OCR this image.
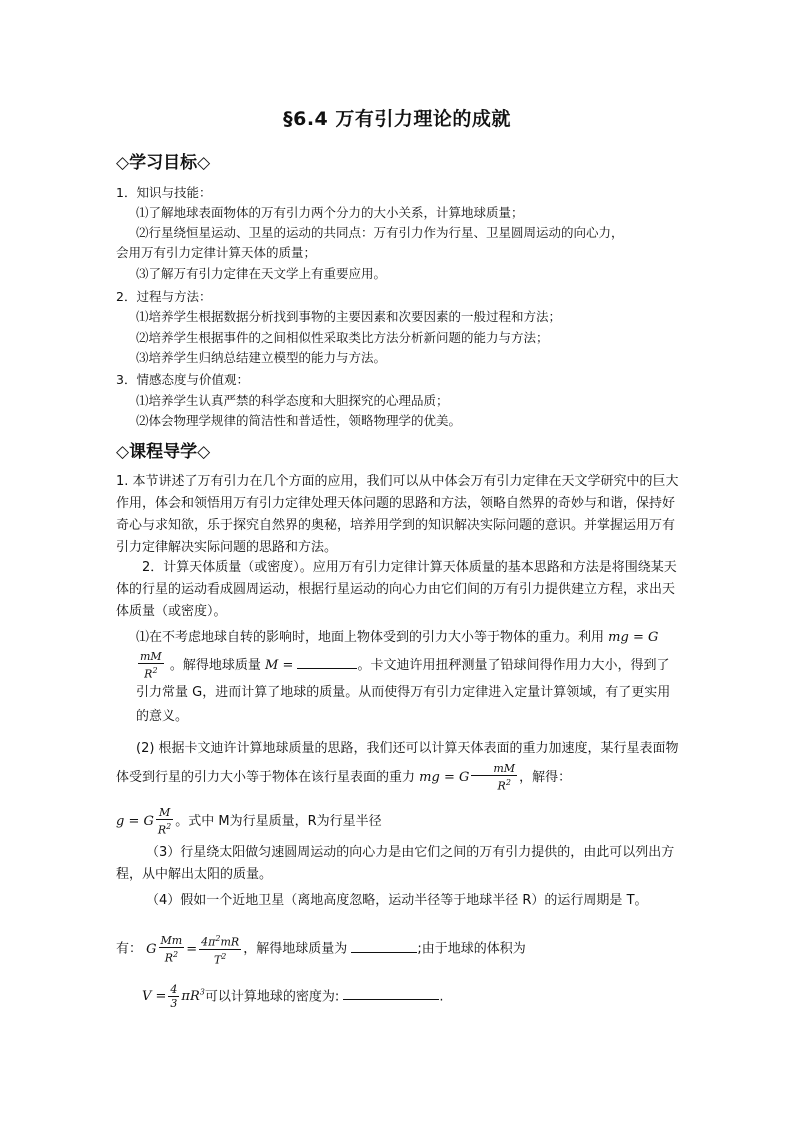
§6.4 万有引力理论的成就
◇学习目标◇
1．知识与技能：
⑴了解地球表面物体的万有引力两个分力的大小关系，计算地球质量；
⑵行星绕恒星运动、卫星的运动的共同点：万有引力作为行星、卫星圆周运动的向心力，
会用万有引力定律计算天体的质量；
⑶了解万有引力定律在天文学上有重要应用。
2．过程与方法：
⑴培养学生根据数据分析找到事物的主要因素和次要因素的一般过程和方法；
⑵培养学生根据事件的之间相似性采取类比方法分析新问题的能力与方法；
⑶培养学生归纳总结建立模型的能力与方法。
3．情感态度与价值观：
⑴培养学生认真严禁的科学态度和大胆探究的心理品质；
⑵体会物理学规律的简洁性和普适性，领略物理学的优美。
◇课程导学◇
1. 本节讲述了万有引力在几个方面的应用，我们可以从中体会万有引力定律在天文学研究中的巨大作用，体会和领悟用万有引力定律处理天体问题的思路和方法，领略自然界的奇妙与和谐，保持好奇心与求知欲，乐于探究自然界的奥秘，培养用学到的知识解决实际问题的意识。并掌握运用万有引力定律解决实际问题的思路和方法。
2．计算天体质量（或密度）。应用万有引力定律计算天体质量的基本思路和方法是将围绕某天体的行星的运动看成圆周运动，根据行星运动的向心力由它们间的万有引力提供建立方程，求出天体质量（或密度）。
⑴在不考虑地球自转的影响时，地面上物体受到的引力大小等于物体的重力。利用 mg = G
$\frac{mM}{R^2}$ 。解得地球质量 M =	。卡文迪许用扭秤测量了铅球间得作用力大小，得到了引力常量 G，进而计算了地球的质量。从而使得万有引力定律进入定量计算领域，有了更实用的意义。
(2) 根据卡文迪许计算地球质量的思路，我们还可以计算天体表面的重力加速度，某行星表面物体受到行星的引力大小等于物体在该行星表面的重力 mg = G $\frac{mM}{R^2}$ ，解得：
g = G $\frac{M}{R^2}$ 。式中 M为行星质量，R为行星半径
（3）行星绕太阳做匀速圆周运动的向心力是由它们之间的万有引力提供的，由此可以列出方程，从中解出太阳的质量。
（4）假如一个近地卫星（离地高度忽略，运动半径等于地球半径 R）的运行周期是 T。
有： G $\frac{Mm}{R^2} = \frac{4\pi^2mR}{T^2}$ ，解得地球质量为	;由于地球的体积为
$V = \frac{4}{3} \pi R^3$可以计算地球的密度为:	.
